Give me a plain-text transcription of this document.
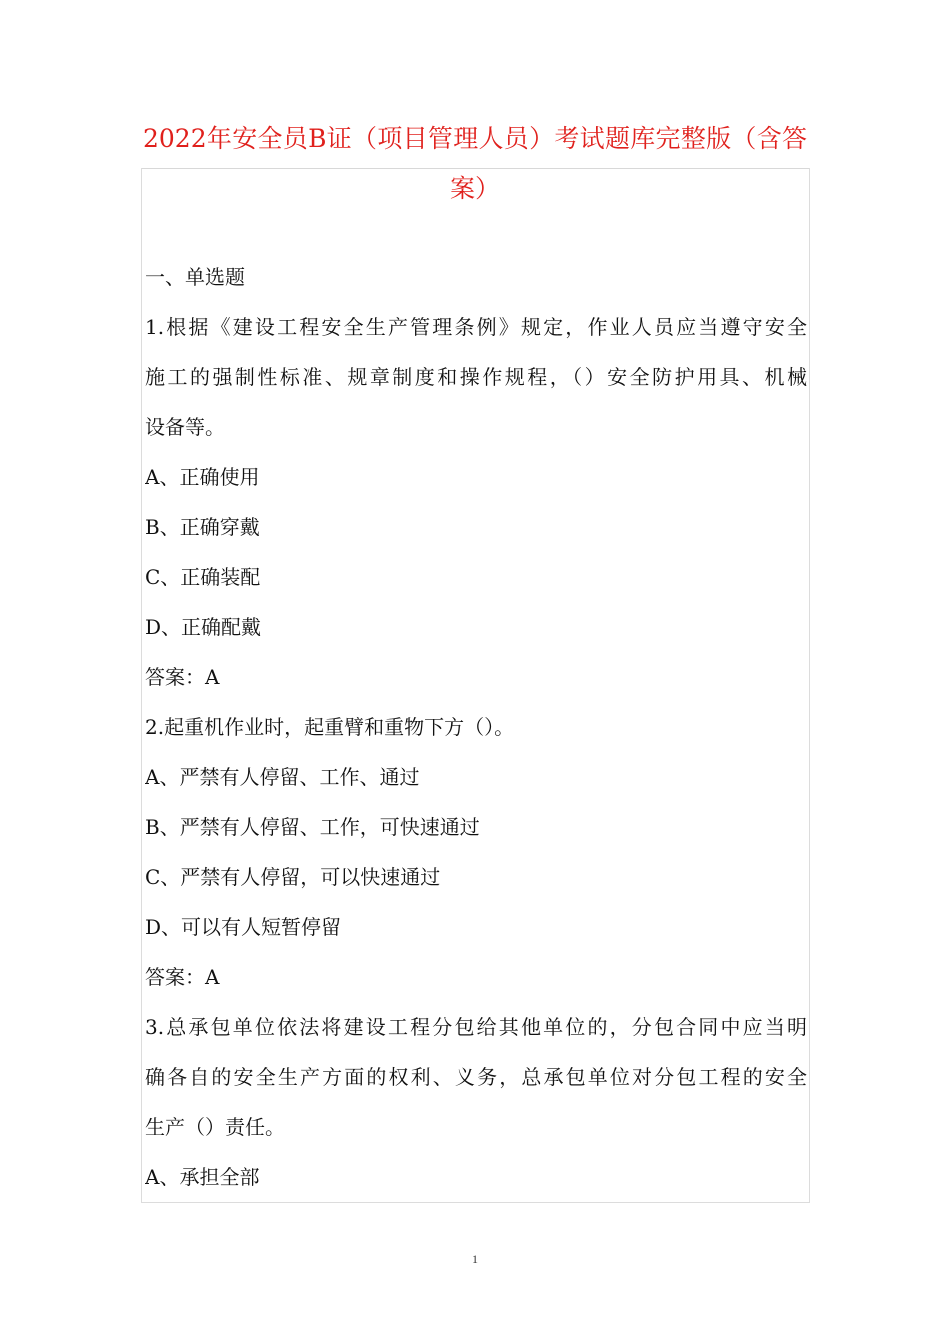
2022年安全员B证（项目管理人员）考试题库完整版（含答
案）
一、单选题
1.根据《建设工程安全生产管理条例》规定，作业人员应当遵守安全
施工的强制性标准、规章制度和操作规程，（）安全防护用具、机械
设备等。
A、正确使用
B、正确穿戴
C、正确装配
D、正确配戴
答案：A
2.起重机作业时，起重臂和重物下方（）。
A、严禁有人停留、工作、通过
B、严禁有人停留、工作，可快速通过
C、严禁有人停留，可以快速通过
D、可以有人短暂停留
答案：A
3.总承包单位依法将建设工程分包给其他单位的，分包合同中应当明
确各自的安全生产方面的权利、义务，总承包单位对分包工程的安全
生产（）责任。
A、承担全部
1
